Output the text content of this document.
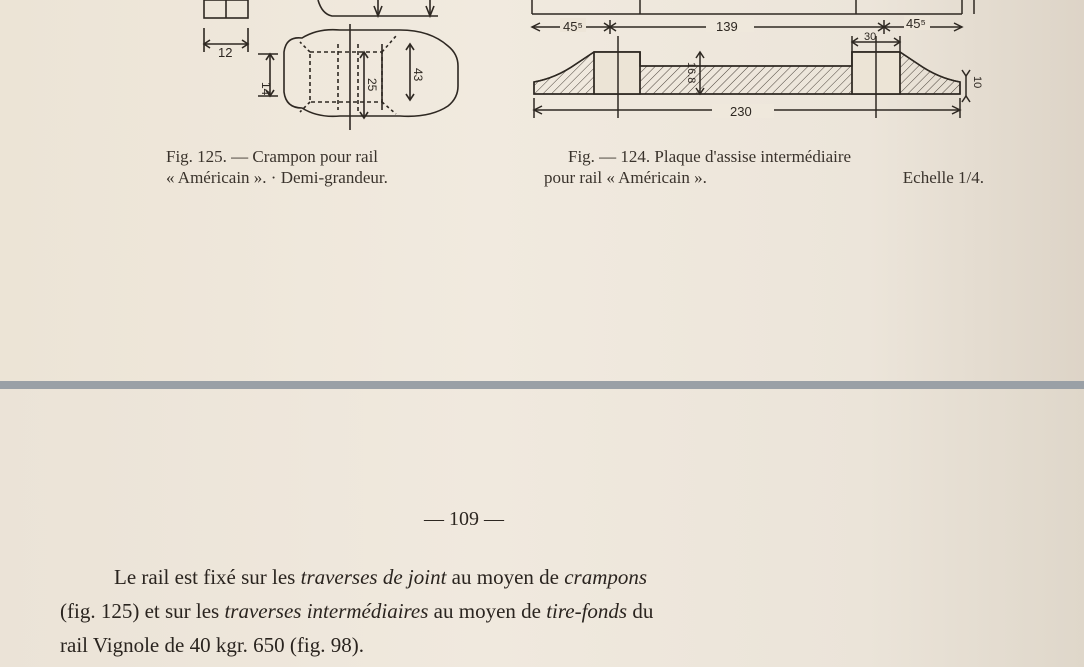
12
14	25
43
45⁵	139	45⁵
30
16.8	10
230
Fig. 125. — Crampon pour rail
« Américain ». · Demi-grandeur.
Fig. — 124. Plaque d'assise intermédiaire
pour rail « Américain ».	Echelle 1/4.
— 109 —
Le rail est fixé sur les traverses de joint au moyen de crampons
(fig. 125) et sur les traverses intermédiaires au moyen de tire-fonds du
rail Vignole de 40 kgr. 650 (fig. 98).
